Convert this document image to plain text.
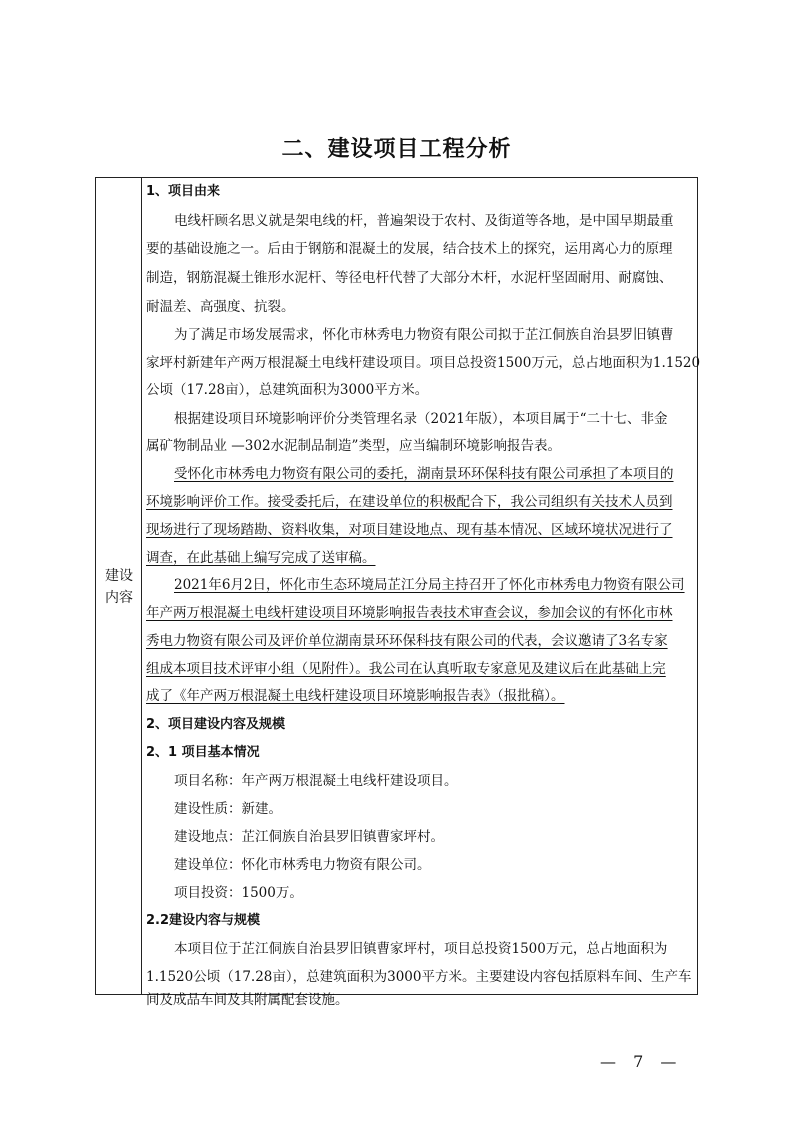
二、建设项目工程分析
建设
内容
1、项目由来
电线杆顾名思义就是架电线的杆，普遍架设于农村、及街道等各地，是中国早期最重
要的基础设施之一。后由于钢筋和混凝土的发展，结合技术上的探究，运用离心力的原理
制造，钢筋混凝土锥形水泥杆、等径电杆代替了大部分木杆，水泥杆坚固耐用、耐腐蚀、
耐温差、高强度、抗裂。
为了满足市场发展需求，怀化市林秀电力物资有限公司拟于芷江侗族自治县罗旧镇曹
家坪村新建年产两万根混凝土电线杆建设项目。项目总投资1500万元，总占地面积为1.1520
公顷（17.28亩），总建筑面积为3000平方米。
根据建设项目环境影响评价分类管理名录（2021年版），本项目属于“二十七、非金
属矿物制品业 —302水泥制品制造”类型，应当编制环境影响报告表。
受怀化市林秀电力物资有限公司的委托，湖南景环环保科技有限公司承担了本项目的
环境影响评价工作。接受委托后，在建设单位的积极配合下，我公司组织有关技术人员到
现场进行了现场踏勘、资料收集，对项目建设地点、现有基本情况、区域环境状况进行了
调查，在此基础上编写完成了送审稿。
2021年6月2日，怀化市生态环境局芷江分局主持召开了怀化市林秀电力物资有限公司
年产两万根混凝土电线杆建设项目环境影响报告表技术审查会议，参加会议的有怀化市林
秀电力物资有限公司及评价单位湖南景环环保科技有限公司的代表，会议邀请了3名专家
组成本项目技术评审小组（见附件）。我公司在认真听取专家意见及建议后在此基础上完
成了《年产两万根混凝土电线杆建设项目环境影响报告表》（报批稿）。
2、项目建设内容及规模
2、1 项目基本情况
项目名称：年产两万根混凝土电线杆建设项目。
建设性质：新建。
建设地点：芷江侗族自治县罗旧镇曹家坪村。
建设单位：怀化市林秀电力物资有限公司。
项目投资：1500万。
2.2建设内容与规模
本项目位于芷江侗族自治县罗旧镇曹家坪村，项目总投资1500万元，总占地面积为
1.1520公顷（17.28亩），总建筑面积为3000平方米。主要建设内容包括原料车间、生产车
间及成品车间及其附属配套设施。
— 7 —
